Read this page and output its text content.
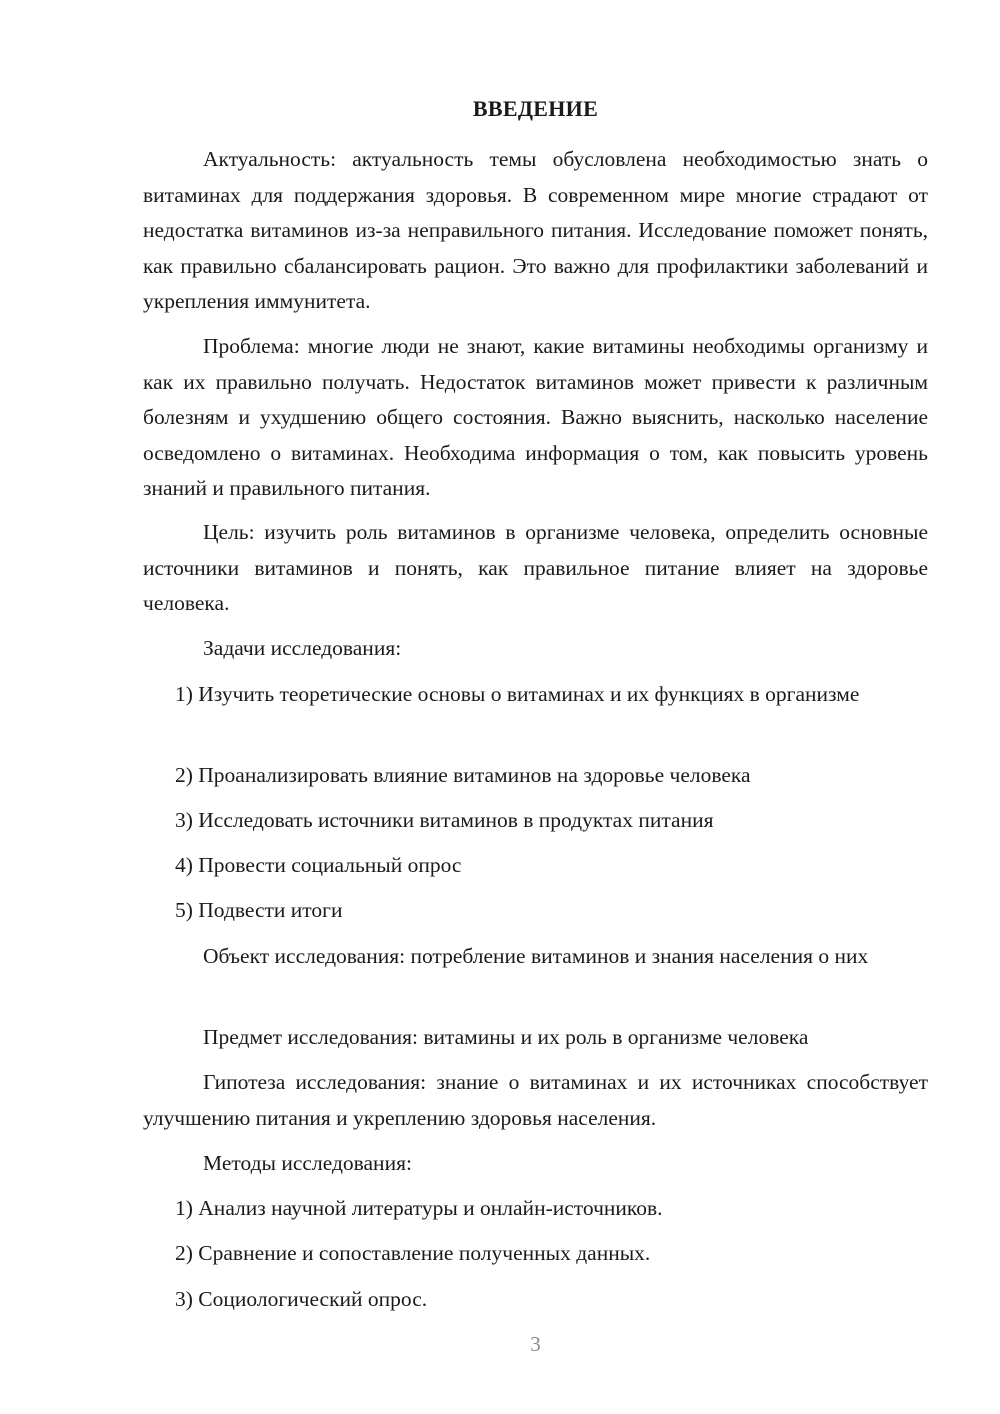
ВВЕДЕНИЕ

Актуальность: актуальность темы обусловлена необходимостью знать о витаминах для поддержания здоровья. В современном мире многие страдают от недостатка витаминов из-за неправильного питания. Исследование поможет понять, как правильно сбалансировать рацион. Это важно для профилактики заболеваний и укрепления иммунитета.

Проблема: многие люди не знают, какие витамины необходимы организму и как их правильно получать. Недостаток витаминов может привести к различным болезням и ухудшению общего состояния. Важно выяснить, насколько население осведомлено о витаминах. Необходима информация о том, как повысить уровень знаний и правильного питания.

Цель: изучить роль витаминов в организме человека, определить основные источники витаминов и понять, как правильное питание влияет на здоровье человека.

Задачи исследования:

1) Изучить теоретические основы о витаминах и их функциях в организме

2) Проанализировать влияние витаминов на здоровье человека

3) Исследовать источники витаминов в продуктах питания

4) Провести социальный опрос

5) Подвести итоги

Объект исследования: потребление витаминов и знания населения о них

Предмет исследования: витамины и их роль в организме человека

Гипотеза исследования: знание о витаминах и их источниках способствует улучшению питания и укреплению здоровья населения.

Методы исследования:

1) Анализ научной литературы и онлайн-источников.

2) Сравнение и сопоставление полученных данных.

3) Социологический опрос.

3
